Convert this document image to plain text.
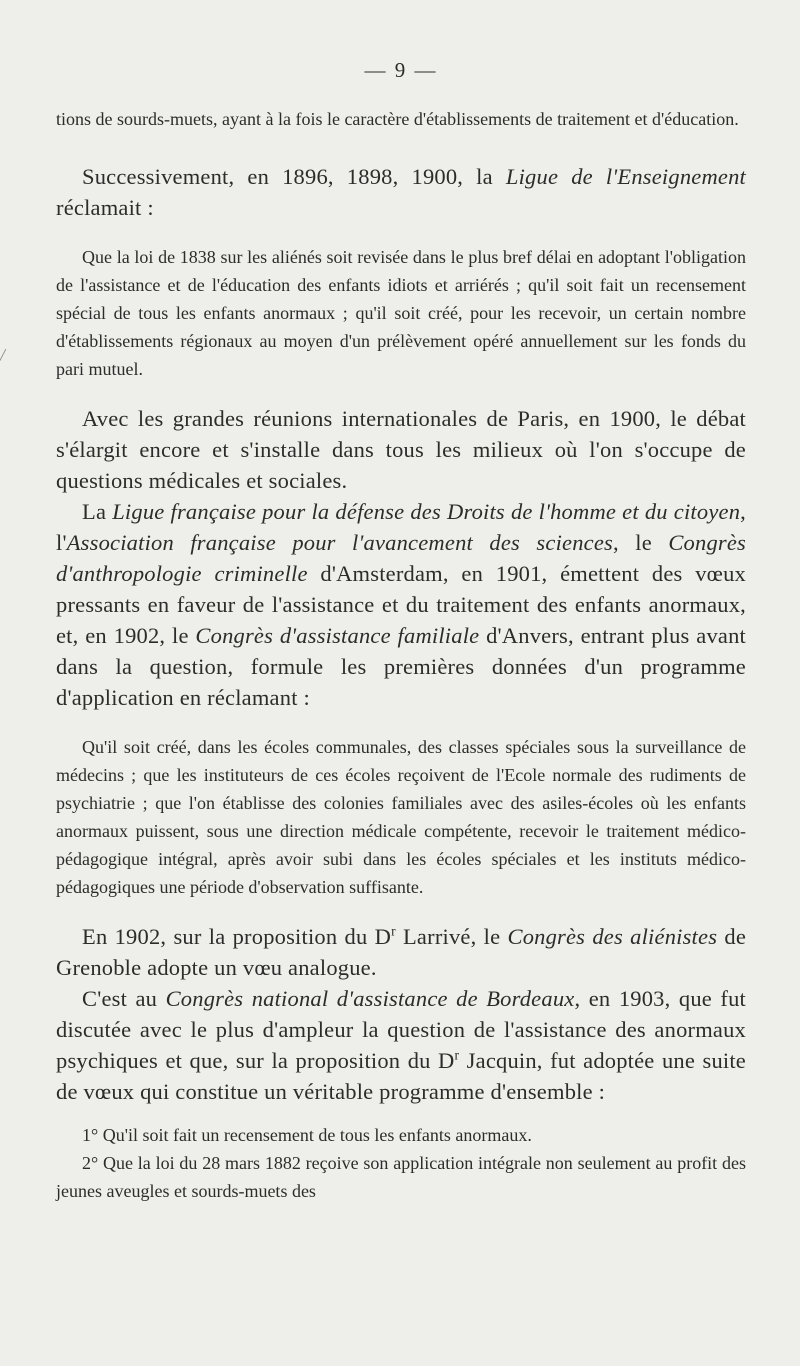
/
— 9 —

tions de sourds-muets, ayant à la fois le caractère d'établissements de traitement et d'éducation.

Successivement, en 1896, 1898, 1900, la Ligue de l'Enseignement réclamait :

Que la loi de 1838 sur les aliénés soit revisée dans le plus bref délai en adoptant l'obligation de l'assistance et de l'éducation des enfants idiots et arriérés ; qu'il soit fait un recensement spécial de tous les enfants anormaux ; qu'il soit créé, pour les recevoir, un certain nombre d'établissements régionaux au moyen d'un prélèvement opéré annuellement sur les fonds du pari mutuel.

Avec les grandes réunions internationales de Paris, en 1900, le débat s'élargit encore et s'installe dans tous les milieux où l'on s'occupe de questions médicales et sociales.

La Ligue française pour la défense des Droits de l'homme et du citoyen, l'Association française pour l'avancement des sciences, le Congrès d'anthropologie criminelle d'Amsterdam, en 1901, émettent des vœux pressants en faveur de l'assistance et du traitement des enfants anormaux, et, en 1902, le Congrès d'assistance familiale d'Anvers, entrant plus avant dans la question, formule les premières données d'un programme d'application en réclamant :

Qu'il soit créé, dans les écoles communales, des classes spéciales sous la surveillance de médecins ; que les instituteurs de ces écoles reçoivent de l'Ecole normale des rudiments de psychiatrie ; que l'on établisse des colonies familiales avec des asiles-écoles où les enfants anormaux puissent, sous une direction médicale compétente, recevoir le traitement médico-pédagogique intégral, après avoir subi dans les écoles spéciales et les instituts médico-pédagogiques une période d'observation suffisante.

En 1902, sur la proposition du $D^r$ Larrivé, le Congrès des aliénistes de Grenoble adopte un vœu analogue.

C'est au Congrès national d'assistance de Bordeaux, en 1903, que fut discutée avec le plus d'ampleur la question de l'assistance des anormaux psychiques et que, sur la proposition du $D^r$ Jacquin, fut adoptée une suite de vœux qui constitue un véritable programme d'ensemble :

1° Qu'il soit fait un recensement de tous les enfants anormaux.

2° Que la loi du 28 mars 1882 reçoive son application intégrale non seulement au profit des jeunes aveugles et sourds-muets des
